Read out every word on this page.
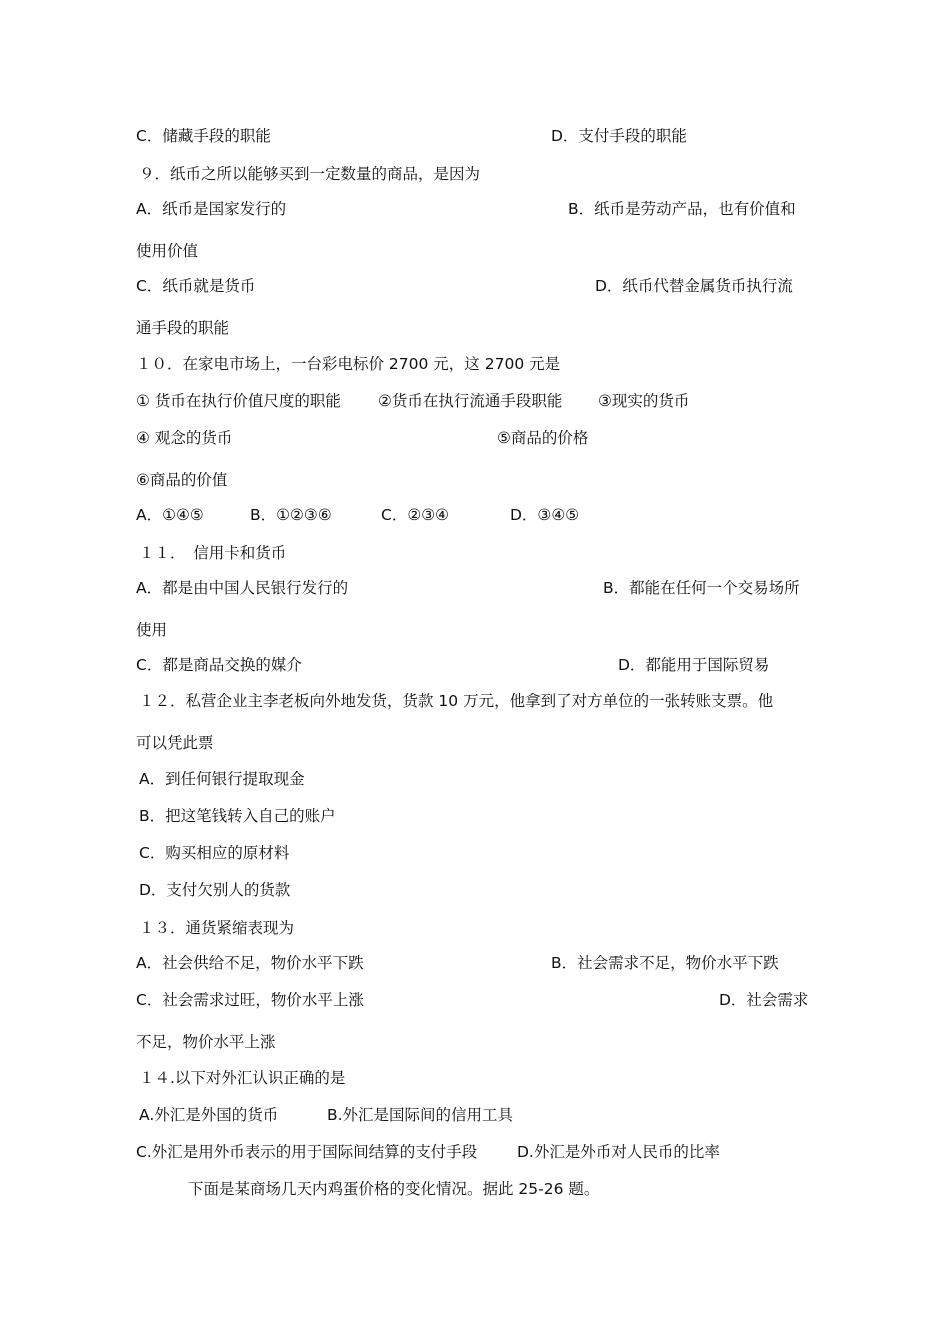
C．储藏手段的职能	D．支付手段的职能
９．纸币之所以能够买到一定数量的商品，是因为
A．纸币是国家发行的	B．纸币是劳动产品，也有价值和
使用价值
C．纸币就是货币	D．纸币代替金属货币执行流
通手段的职能
１０．在家电市场上，一台彩电标价 2700 元，这 2700 元是
① 货币在执行价值尺度的职能 ②货币在执行流通手段职能 ③现实的货币
④ 观念的货币	⑤商品的价格
⑥商品的价值
A．①④⑤	B．①②③⑥	C．②③④	D．③④⑤
１１．　信用卡和货币
A．都是由中国人民银行发行的	B．都能在任何一个交易场所
使用
C．都是商品交换的媒介	D．都能用于国际贸易
１２．私营企业主李老板向外地发货，货款 10 万元，他拿到了对方单位的一张转账支票。他
可以凭此票
A．到任何银行提取现金
B．把这笔钱转入自己的账户
C．购买相应的原材料
D．支付欠别人的货款
１３．通货紧缩表现为
A．社会供给不足，物价水平下跌	B．社会需求不足，物价水平下跌
C．社会需求过旺，物价水平上涨	D．社会需求
不足，物价水平上涨
１４.以下对外汇认识正确的是
A.外汇是外国的货币	B.外汇是国际间的信用工具
C.外汇是用外币表示的用于国际间结算的支付手段	D.外汇是外币对人民币的比率
下面是某商场几天内鸡蛋价格的变化情况。据此 25-26 题。
